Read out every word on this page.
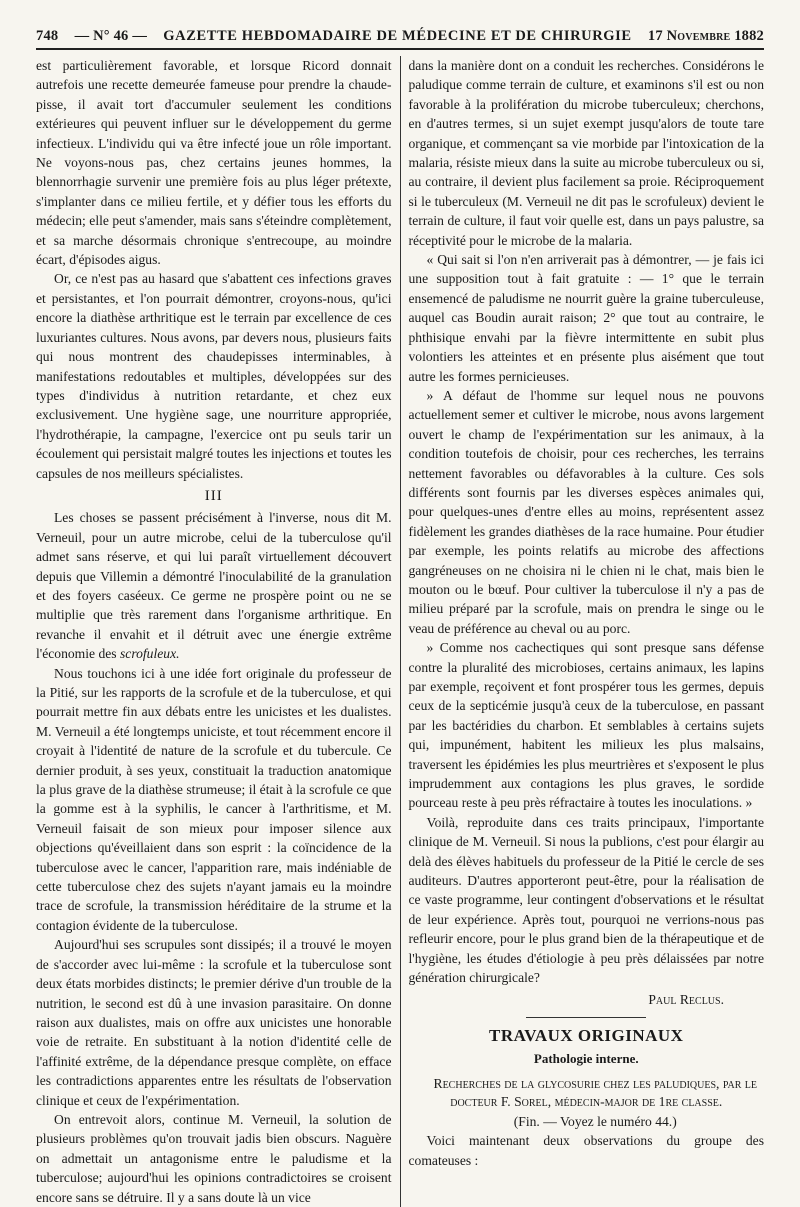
748 — N° 46 — GAZETTE HEBDOMADAIRE DE MÉDECINE ET DE CHIRURGIE 17 Novembre 1882

est particulièrement favorable, et lorsque Ricord donnait autrefois une recette demeurée fameuse pour prendre la chaude-pisse, il avait tort d'accumuler seulement les conditions extérieures qui peuvent influer sur le développement du germe infectieux. L'individu qui va être infecté joue un rôle important. Ne voyons-nous pas, chez certains jeunes hommes, la blennorrhagie survenir une première fois au plus léger prétexte, s'implanter dans ce milieu fertile, et y défier tous les efforts du médecin; elle peut s'amender, mais sans s'éteindre complètement, et sa marche désormais chronique s'entrecoupe, au moindre écart, d'épisodes aigus.

Or, ce n'est pas au hasard que s'abattent ces infections graves et persistantes, et l'on pourrait démontrer, croyons-nous, qu'ici encore la diathèse arthritique est le terrain par excellence de ces luxuriantes cultures. Nous avons, par devers nous, plusieurs faits qui nous montrent des chaudepisses interminables, à manifestations redoutables et multiples, développées sur des types d'individus à nutrition retardante, et chez eux exclusivement. Une hygiène sage, une nourriture appropriée, l'hydrothérapie, la campagne, l'exercice ont pu seuls tarir un écoulement qui persistait malgré toutes les injections et toutes les capsules de nos meilleurs spécialistes.

III

Les choses se passent précisément à l'inverse, nous dit M. Verneuil, pour un autre microbe, celui de la tuberculose qu'il admet sans réserve, et qui lui paraît virtuellement découvert depuis que Villemin a démontré l'inoculabilité de la granulation et des foyers caséeux. Ce germe ne prospère point ou ne se multiplie que très rarement dans l'organisme arthritique. En revanche il envahit et il détruit avec une énergie extrême l'économie des scrofuleux.

Nous touchons ici à une idée fort originale du professeur de la Pitié, sur les rapports de la scrofule et de la tuberculose, et qui pourrait mettre fin aux débats entre les unicistes et les dualistes. M. Verneuil a été longtemps uniciste, et tout récemment encore il croyait à l'identité de nature de la scrofule et du tubercule. Ce dernier produit, à ses yeux, constituait la traduction anatomique la plus grave de la diathèse strumeuse; il était à la scrofule ce que la gomme est à la syphilis, le cancer à l'arthritisme, et M. Verneuil faisait de son mieux pour imposer silence aux objections qu'éveillaient dans son esprit : la coïncidence de la tuberculose avec le cancer, l'apparition rare, mais indéniable de cette tuberculose chez des sujets n'ayant jamais eu la moindre trace de scrofule, la transmission héréditaire de la strume et la contagion évidente de la tuberculose.

Aujourd'hui ses scrupules sont dissipés; il a trouvé le moyen de s'accorder avec lui-même : la scrofule et la tuberculose sont deux états morbides distincts; le premier dérive d'un trouble de la nutrition, le second est dû à une invasion parasitaire. On donne raison aux dualistes, mais on offre aux unicistes une honorable voie de retraite. En substituant à la notion d'identité celle de l'affinité extrême, de la dépendance presque complète, on efface les contradictions apparentes entre les résultats de l'observation clinique et ceux de l'expérimentation.

On entrevoit alors, continue M. Verneuil, la solution de plusieurs problèmes qu'on trouvait jadis bien obscurs. Naguère on admettait un antagonisme entre le paludisme et la tuberculose; aujourd'hui les opinions contradictoires se croisent encore sans se détruire. Il y a sans doute là un vice

dans la manière dont on a conduit les recherches. Considérons le paludique comme terrain de culture, et examinons s'il est ou non favorable à la prolifération du microbe tuberculeux; cherchons, en d'autres termes, si un sujet exempt jusqu'alors de toute tare organique, et commençant sa vie morbide par l'intoxication de la malaria, résiste mieux dans la suite au microbe tuberculeux ou si, au contraire, il devient plus facilement sa proie. Réciproquement si le tuberculeux (M. Verneuil ne dit pas le scrofuleux) devient le terrain de culture, il faut voir quelle est, dans un pays palustre, sa réceptivité pour le microbe de la malaria.

« Qui sait si l'on n'en arriverait pas à démontrer, — je fais ici une supposition tout à fait gratuite : — 1° que le terrain ensemencé de paludisme ne nourrit guère la graine tuberculeuse, auquel cas Boudin aurait raison; 2° que tout au contraire, le phthisique envahi par la fièvre intermittente en subit plus volontiers les atteintes et en présente plus aisément que tout autre les formes pernicieuses.

» A défaut de l'homme sur lequel nous ne pouvons actuellement semer et cultiver le microbe, nous avons largement ouvert le champ de l'expérimentation sur les animaux, à la condition toutefois de choisir, pour ces recherches, les terrains nettement favorables ou défavorables à la culture. Ces sols différents sont fournis par les diverses espèces animales qui, pour quelques-unes d'entre elles au moins, représentent assez fidèlement les grandes diathèses de la race humaine. Pour étudier par exemple, les points relatifs au microbe des affections gangréneuses on ne choisira ni le chien ni le chat, mais bien le mouton ou le bœuf. Pour cultiver la tuberculose il n'y a pas de milieu préparé par la scrofule, mais on prendra le singe ou le veau de préférence au cheval ou au porc.

» Comme nos cachectiques qui sont presque sans défense contre la pluralité des microbioses, certains animaux, les lapins par exemple, reçoivent et font prospérer tous les germes, depuis ceux de la septicémie jusqu'à ceux de la tuberculose, en passant par les bactéridies du charbon. Et semblables à certains sujets qui, impunément, habitent les milieux les plus malsains, traversent les épidémies les plus meurtrières et s'exposent le plus imprudemment aux contagions les plus graves, le sordide pourceau reste à peu près réfractaire à toutes les inoculations. »

Voilà, reproduite dans ces traits principaux, l'importante clinique de M. Verneuil. Si nous la publions, c'est pour élargir au delà des élèves habituels du professeur de la Pitié le cercle de ses auditeurs. D'autres apporteront peut-être, pour la réalisation de ce vaste programme, leur contingent d'observations et le résultat de leur expérience. Après tout, pourquoi ne verrions-nous pas refleurir encore, pour le plus grand bien de la thérapeutique et de l'hygiène, les études d'étiologie à peu près délaissées par notre génération chirurgicale?

Paul Reclus.
TRAVAUX ORIGINAUX
Pathologie interne.

Recherches de la glycosurie chez les paludiques, par le docteur F. Sorel, médecin-major de 1re classe.

(Fin. — Voyez le numéro 44.)

Voici maintenant deux observations du groupe des comateuses :
